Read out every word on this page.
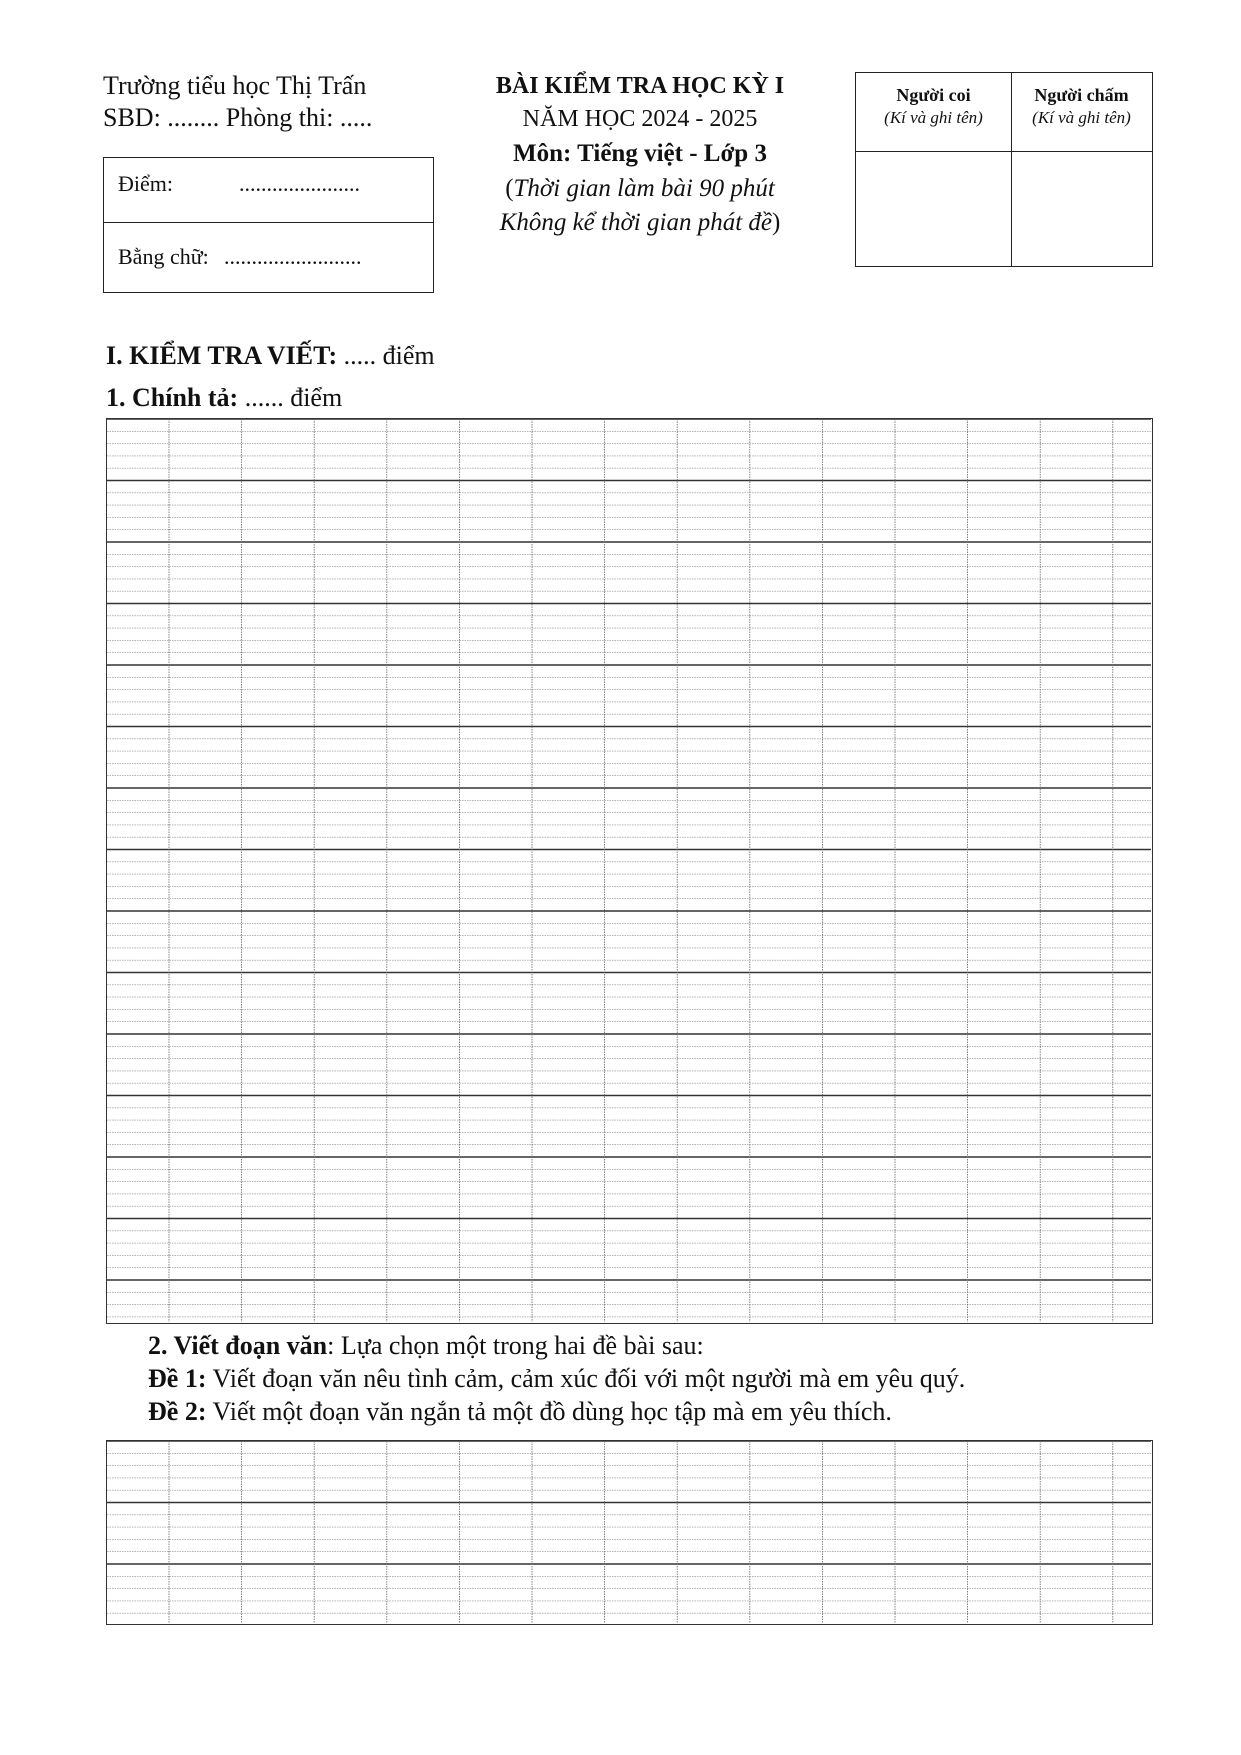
Trường tiểu học Thị Trấn
SBD: ........ Phòng thi: .....
Điểm:	......................
Bằng chữ: .........................
BÀI KIỂM TRA HỌC KỲ I
NĂM HỌC 2024 - 2025
Môn: Tiếng việt - Lớp 3
(Thời gian làm bài 90 phút
Không kể thời gian phát đề)
Người coi
(Kí và ghi tên)
Người chấm
(Kí và ghi tên)
I. KIỂM TRA VIẾT: ..... điểm
1. Chính tả: ...... điểm
2. Viết đoạn văn: Lựa chọn một trong hai đề bài sau:
Đề 1: Viết đoạn văn nêu tình cảm, cảm xúc đối với một người mà em yêu quý.
Đề 2: Viết một đoạn văn ngắn tả một đồ dùng học tập mà em yêu thích.
